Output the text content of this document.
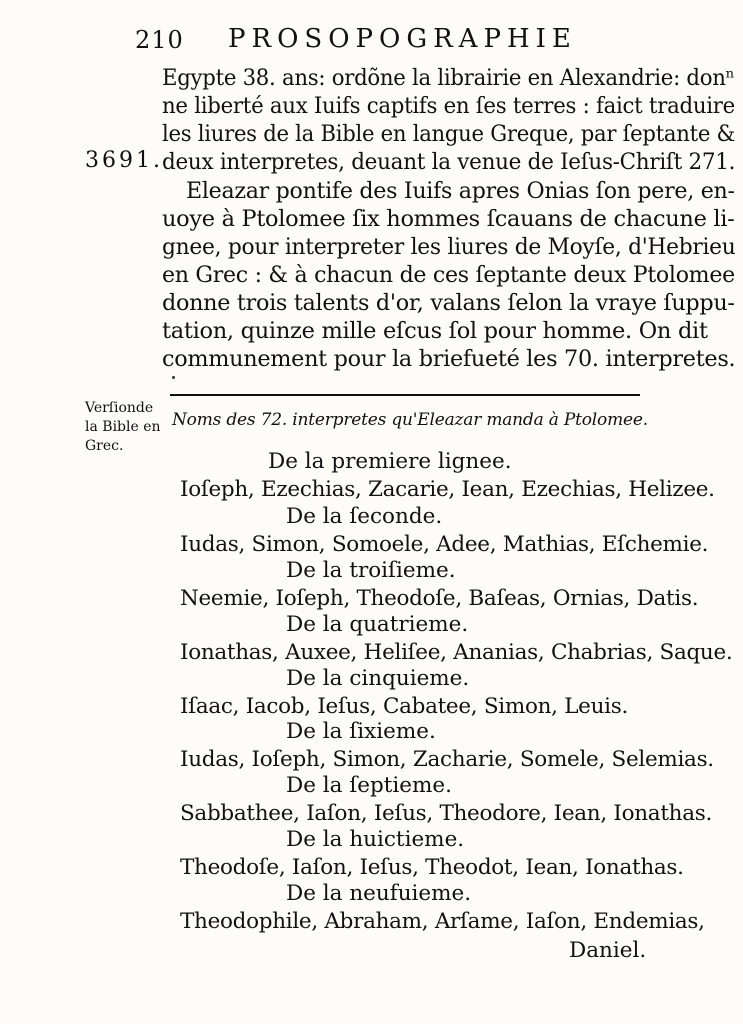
210 PROSOPOGRAPHIE
Egypte 38. ans: ordõne la librairie en Alexandrie: donⁿ
ne liberté aux Iuifs captifs en ſes terres : faict traduire
les liures de la Bible en langue Greque, par ſeptante &
deux interpretes, deuant la venue de Ieſus-Chriſt 271.
Eleazar pontife des Iuifs apres Onias ſon pere, en-
uoye à Ptolomee ſix hommes ſcauans de chacune li-
gnee, pour interpreter les liures de Moyſe, d'Hebrieu
en Grec : & à chacun de ces ſeptante deux Ptolomee
donne trois talents d'or, valans ſelon la vraye ſuppu-
tation, quinze mille eſcus ſol pour homme. On dit
communement pour la briefueté les 70. interpretes.
3691.
Verſionde
la Bible en
Grec.
Noms des 72. interpretes qu'Eleazar manda à Ptolomee.
De la premiere lignee.
Ioſeph, Ezechias, Zacarie, Iean, Ezechias, Helizee.
De la ſeconde.
Iudas, Simon, Somoele, Adee, Mathias, Eſchemie.
De la troiſieme.
Neemie, Ioſeph, Theodoſe, Baſeas, Ornias, Datis.
De la quatrieme.
Ionathas, Auxee, Heliſee, Ananias, Chabrias, Saque.
De la cinquieme.
Iſaac, Iacob, Ieſus, Cabatee, Simon, Leuis.
De la ſixieme.
Iudas, Ioſeph, Simon, Zacharie, Somele, Selemias.
De la ſeptieme.
Sabbathee, Iaſon, Ieſus, Theodore, Iean, Ionathas.
De la huictieme.
Theodoſe, Iaſon, Ieſus, Theodot, Iean, Ionathas.
De la neufuieme.
Theodophile, Abraham, Arſame, Iaſon, Endemias,
Daniel.
